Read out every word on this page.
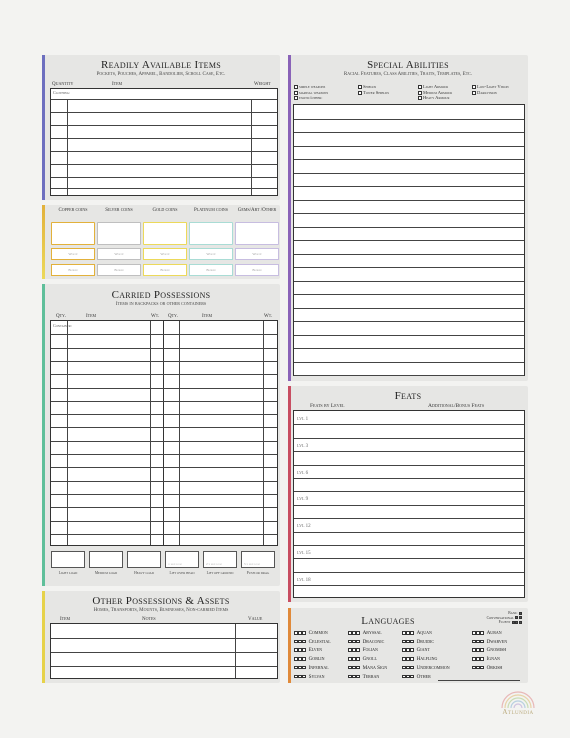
Readily Available Items
Pockets, Pouches, Apparel, Bandolier, Scroll Case, Etc.
Quantity	Item	Weight
Clothing:
Copper coins	Silver coins	Gold coins	Platinum coins	Gems/Art /Other
Weight	Weight	Weight	Weight	Weight
Banked	Banked	Banked	Banked	Banked
Carried Possessions
Items in backpacks or other containers
Qty.	Item	Wt. Qty.	Item	Wt.
Container:
Light load	Medium load	Heavy load
= max load
Lift over head
2 x max load
Lift off ground
5 x max load
Push or drag
Other Possessions & Assets
Homes, Transports, Mounts, Businesses, Non-carried Items
Item	Notes	Value
Special Abilities
Racial Features, Class Abilities, Traits, Templates, Etc.
simple weapons
martial weapons
exotic/other:
Shields
Tower Shields
Light Armour
Medium Armour
Heavy Armour
Low-Light Vision
Darkvision
Feats
Feats by Level	Additional/Bonus Feats
lvl 1
lvl 3
lvl 6
lvl 9
lvl 12
lvl 15
lvl 18
Languages
Basic
Conversational
Fluent
Common
Celestial
Elven
Goblin
Infernal
Sylvan
Abyssal
Draconic
Folian
Gnoll
Mana Sign
Terran
Aquan
Druidic
Giant
Halfling
Undercommon
Other
Auran
Dwarven
Gnomish
Ignan
Orkish
Atlundia
